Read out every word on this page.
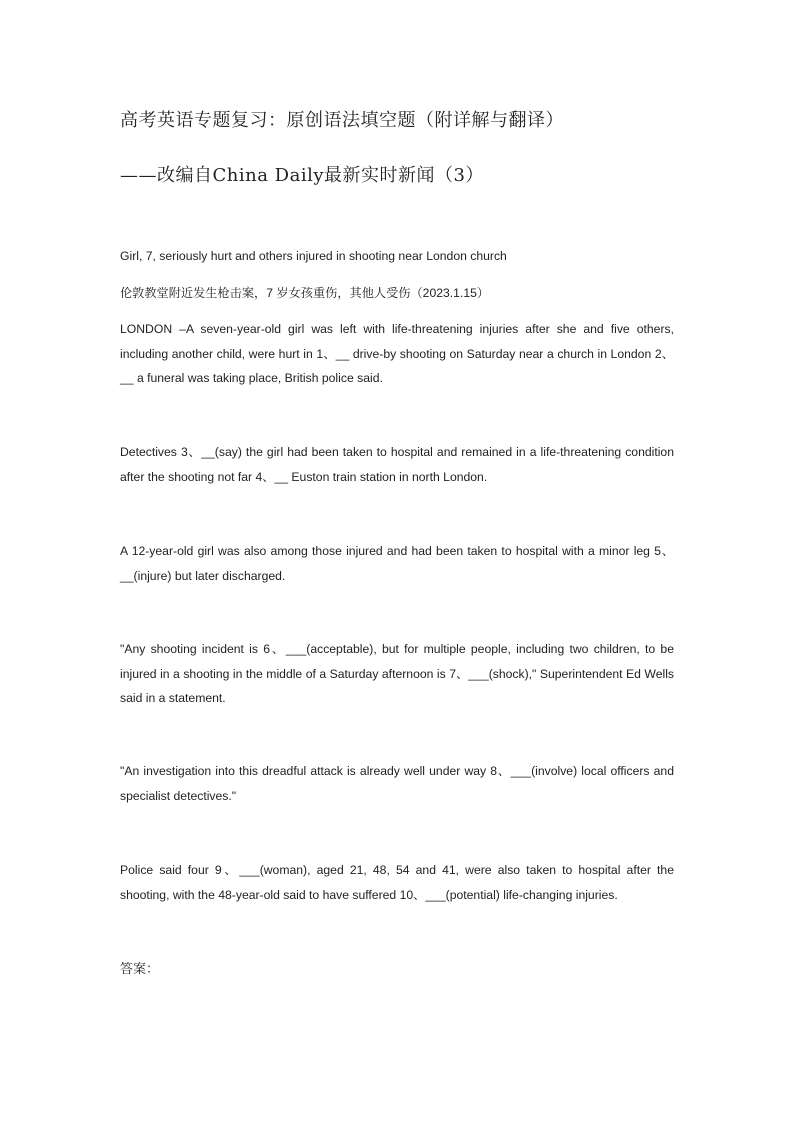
高考英语专题复习：原创语法填空题（附详解与翻译）
——改编自China Daily最新实时新闻（3）
Girl, 7, seriously hurt and others injured in shooting near London church
伦敦教堂附近发生枪击案，7 岁女孩重伤，其他人受伤（2023.1.15）
LONDON –A seven-year-old girl was left with life-threatening injuries after she and five others, including another child, were hurt in 1、__ drive-by shooting on Saturday near a church in London 2、__ a funeral was taking place, British police said.
Detectives 3、__(say) the girl had been taken to hospital and remained in a life-threatening condition after the shooting not far 4、__ Euston train station in north London.
A 12-year-old girl was also among those injured and had been taken to hospital with a minor leg 5、__(injure) but later discharged.
"Any shooting incident is 6、___(acceptable), but for multiple people, including two children, to be injured in a shooting in the middle of a Saturday afternoon is 7、___(shock)," Superintendent Ed Wells said in a statement.
"An investigation into this dreadful attack is already well under way 8、___(involve) local officers and specialist detectives."
Police said four 9、___(woman), aged 21, 48, 54 and 41, were also taken to hospital after the shooting, with the 48-year-old said to have suffered 10、___(potential) life-changing injuries.
答案：
